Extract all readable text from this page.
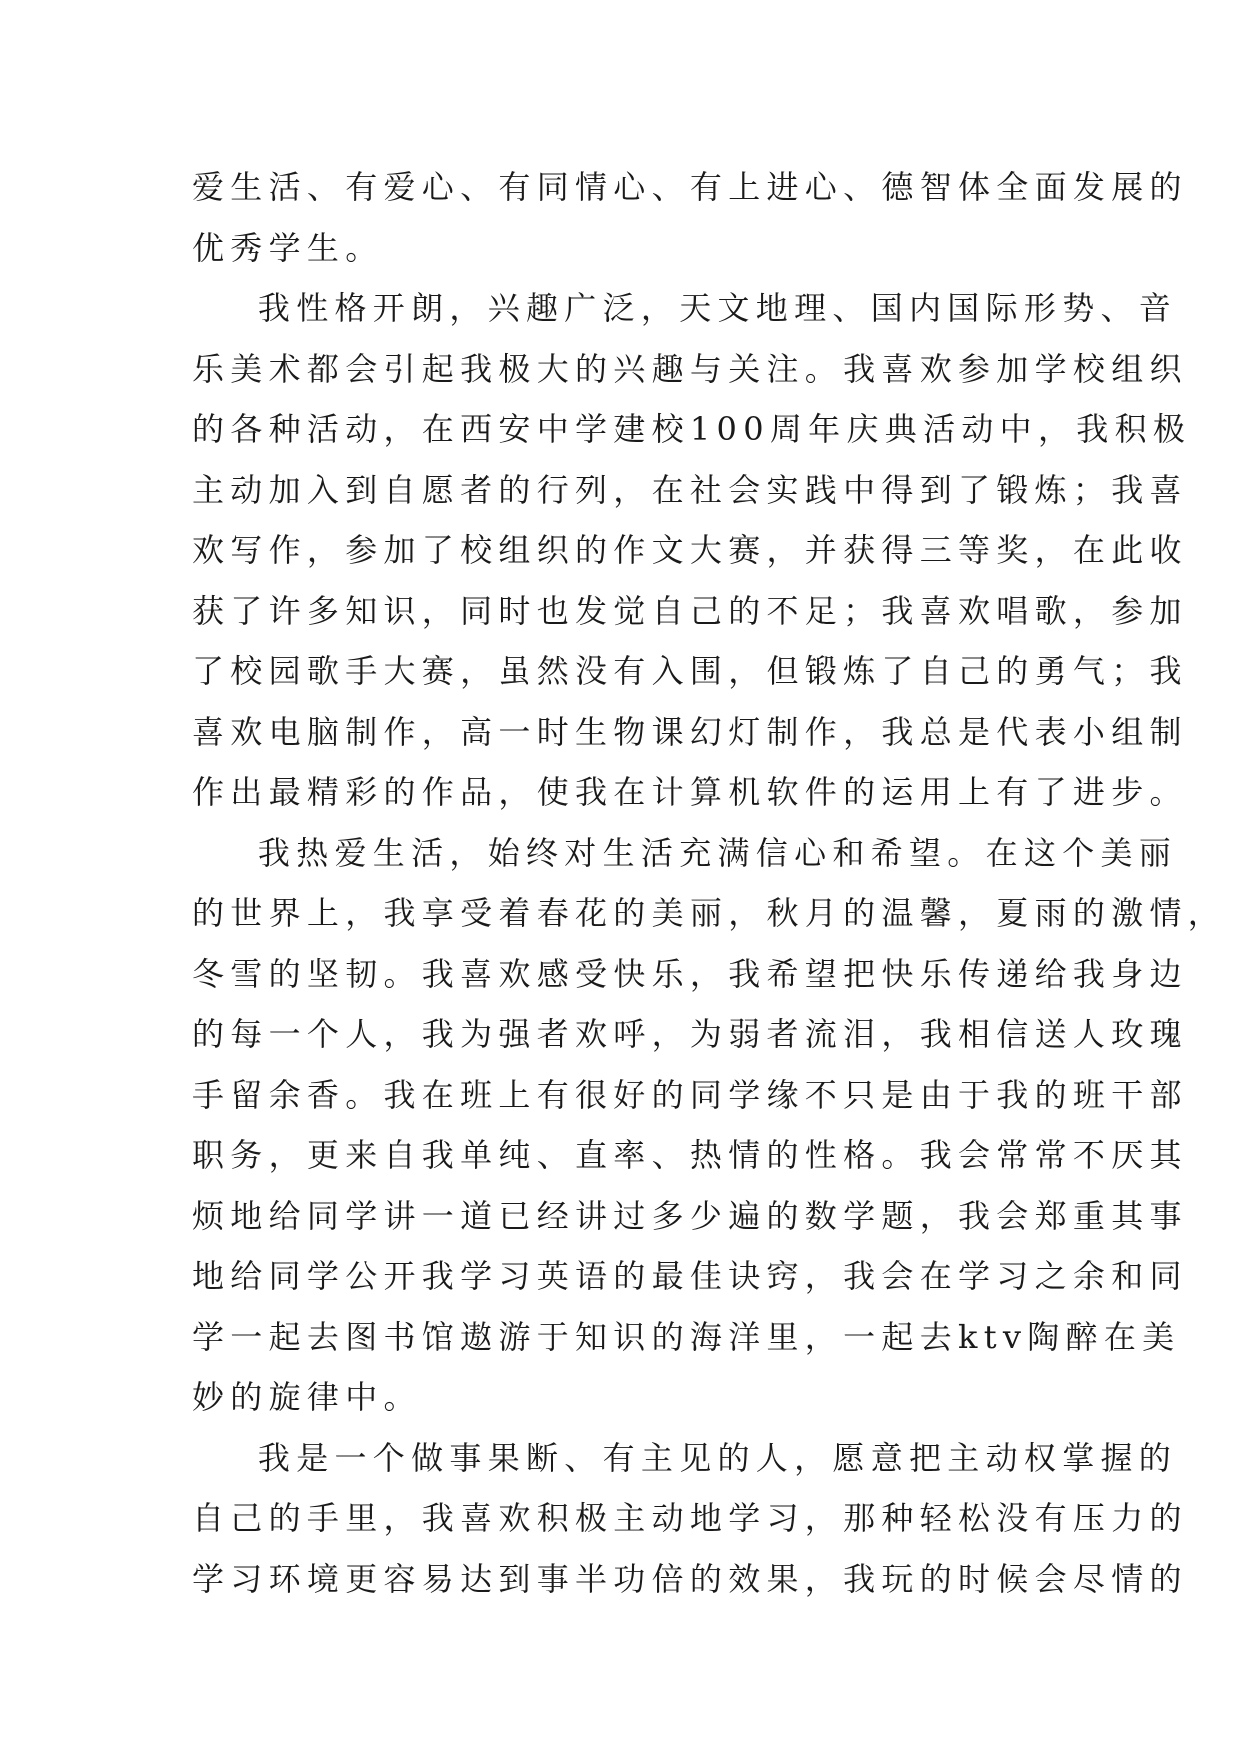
爱生活、有爱心、有同情心、有上进心、德智体全面发展的
优秀学生。
我性格开朗，兴趣广泛，天文地理、国内国际形势、音
乐美术都会引起我极大的兴趣与关注。我喜欢参加学校组织
的各种活动，在西安中学建校100周年庆典活动中，我积极
主动加入到自愿者的行列，在社会实践中得到了锻炼；我喜
欢写作，参加了校组织的作文大赛，并获得三等奖，在此收
获了许多知识，同时也发觉自己的不足；我喜欢唱歌，参加
了校园歌手大赛，虽然没有入围，但锻炼了自己的勇气；我
喜欢电脑制作，高一时生物课幻灯制作，我总是代表小组制
作出最精彩的作品，使我在计算机软件的运用上有了进步。
我热爱生活，始终对生活充满信心和希望。在这个美丽
的世界上，我享受着春花的美丽，秋月的温馨，夏雨的激情，
冬雪的坚韧。我喜欢感受快乐，我希望把快乐传递给我身边
的每一个人，我为强者欢呼，为弱者流泪，我相信送人玫瑰
手留余香。我在班上有很好的同学缘不只是由于我的班干部
职务，更来自我单纯、直率、热情的性格。我会常常不厌其
烦地给同学讲一道已经讲过多少遍的数学题，我会郑重其事
地给同学公开我学习英语的最佳诀窍，我会在学习之余和同
学一起去图书馆遨游于知识的海洋里，一起去ktv陶醉在美
妙的旋律中。
我是一个做事果断、有主见的人，愿意把主动权掌握的
自己的手里，我喜欢积极主动地学习，那种轻松没有压力的
学习环境更容易达到事半功倍的效果，我玩的时候会尽情的
